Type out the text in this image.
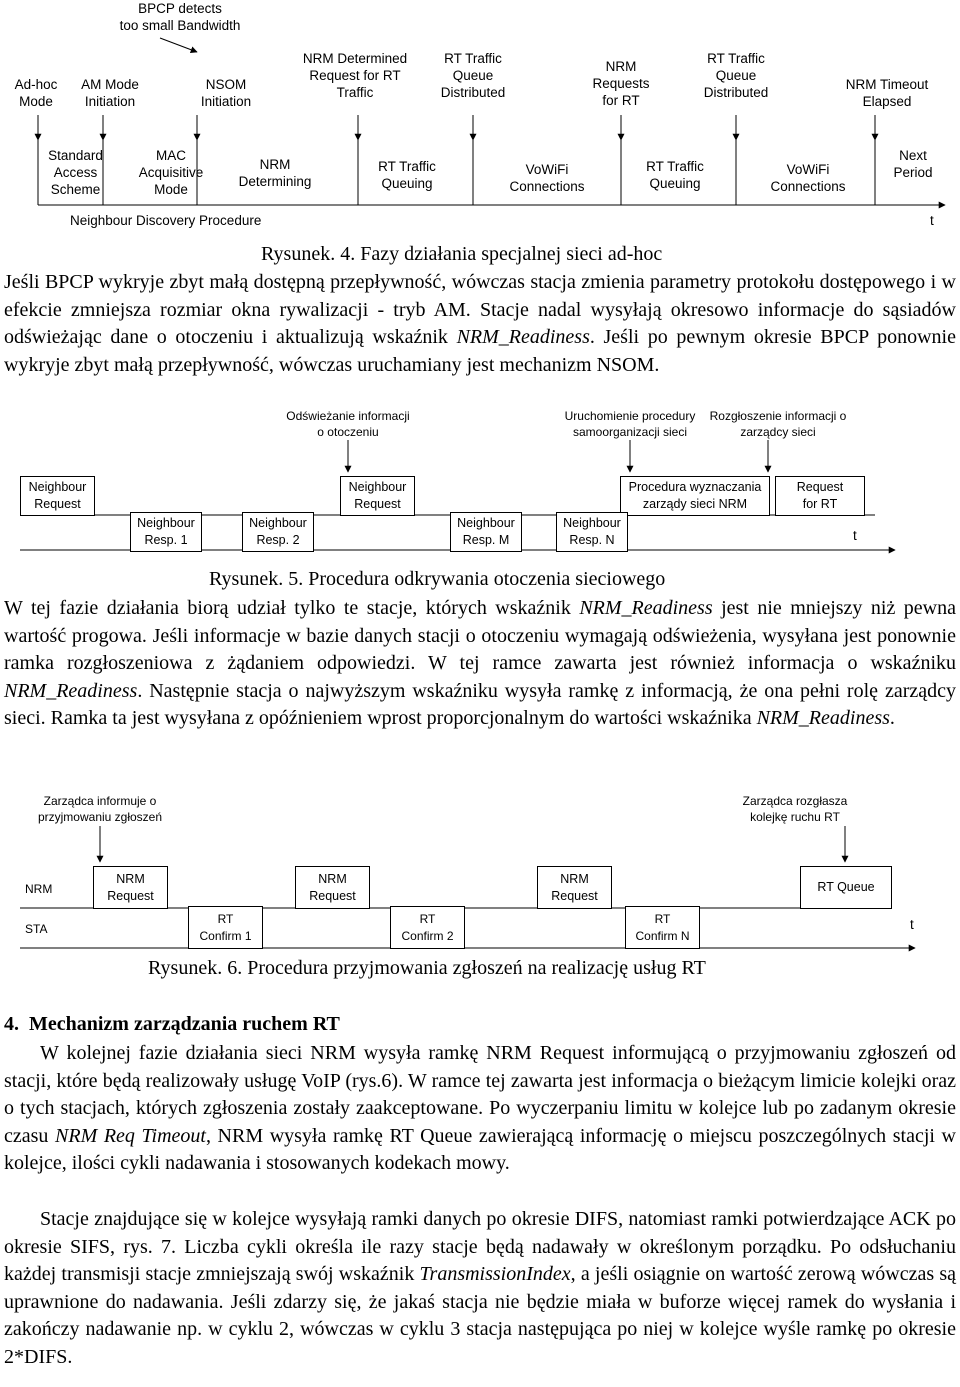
BPCP detects
too small Bandwidth
Ad-hoc
Mode
AM Mode
Initiation
NSOM
Initiation
NRM Determined
Request for RT
Traffic
RT Traffic
Queue
Distributed
NRM
Requests
for RT
RT Traffic
Queue
Distributed
NRM Timeout
Elapsed
Standard
Access
Scheme
MAC
Acquisitive
Mode
NRM
Determining
RT Traffic
Queuing
VoWiFi
Connections
RT Traffic
Queuing
VoWiFi
Connections
Next
Period
Neighbour Discovery Procedure	t
Rysunek. 4. Fazy działania specjalnej sieci ad-hoc

Jeśli BPCP wykryje zbyt małą dostępną przepływność, wówczas stacja zmienia parametry protokołu dostępowego i w efekcie zmniejsza rozmiar okna rywalizacji - tryb AM. Stacje nadal wysyłają okresowo informacje do sąsiadów odświeżając dane o otoczeniu i aktualizują wskaźnik NRM_Readiness. Jeśli po pewnym okresie BPCP ponownie wykryje zbyt małą przepływność, wówczas uruchamiany jest mechanizm NSOM.

Odświeżanie informacji
o otoczeniu
Uruchomienie procedury
samoorganizacji sieci
Rozgłoszenie informacji o
zarządcy sieci
Neighbour
Request
Neighbour
Request
Procedura wyznaczania
zarządy sieci NRM
Request
for RT
Neighbour
Resp. 1
Neighbour
Resp. 2
Neighbour
Resp. M
Neighbour
Resp. N	t
Rysunek. 5. Procedura odkrywania otoczenia sieciowego

W tej fazie działania biorą udział tylko te stacje, których wskaźnik NRM_Readiness jest nie mniejszy niż pewna wartość progowa. Jeśli informacje w bazie danych stacji o otoczeniu wymagają odświeżenia, wysyłana jest ponownie ramka rozgłoszeniowa z żądaniem odpowiedzi. W tej ramce zawarta jest również informacja o wskaźniku NRM_Readiness. Następnie stacja o najwyższym wskaźniku wysyła ramkę z informacją, że ona pełni rolę zarządcy sieci. Ramka ta jest wysyłana z opóźnieniem wprost proporcjonalnym do wartości wskaźnika NRM_Readiness.

Zarządca informuje o
przyjmowaniu zgłoszeń
Zarządca rozgłasza
kolejkę ruchu RT
NRM
STA
NRM
Request
NRM
Request
NRM
Request
RT Queue
RT
Confirm 1
RT
Confirm 2
RT
Confirm N
t
Rysunek. 6. Procedura przyjmowania zgłoszeń na realizację usług RT
4.  Mechanizm zarządzania ruchem RT

W kolejnej fazie działania sieci NRM wysyła ramkę NRM Request informującą o przyjmowaniu zgłoszeń od stacji, które będą realizowały usługę VoIP (rys.6). W ramce tej zawarta jest informacja o bieżącym limicie kolejki oraz o tych stacjach, których zgłoszenia zostały zaakceptowane. Po wyczerpaniu limitu w kolejce lub po zadanym okresie czasu NRM Req Timeout, NRM wysyła ramkę RT Queue zawierającą informację o miejscu poszczególnych stacji w kolejce, ilości cykli nadawania i stosowanych kodekach mowy.

Stacje znajdujące się w kolejce wysyłają ramki danych po okresie DIFS, natomiast ramki potwierdzające ACK po okresie SIFS, rys. 7. Liczba cykli określa ile razy stacje będą nadawały w określonym porządku. Po odsłuchaniu każdej transmisji stacje zmniejszają swój wskaźnik TransmissionIndex, a jeśli osiągnie on wartość zerową wówczas są uprawnione do nadawania. Jeśli zdarzy się, że jakaś stacja nie będzie miała w buforze więcej ramek do wysłania i zakończy nadawanie np. w cyklu 2, wówczas w cyklu 3 stacja następująca po niej w kolejce wyśle ramkę po okresie 2*DIFS.
